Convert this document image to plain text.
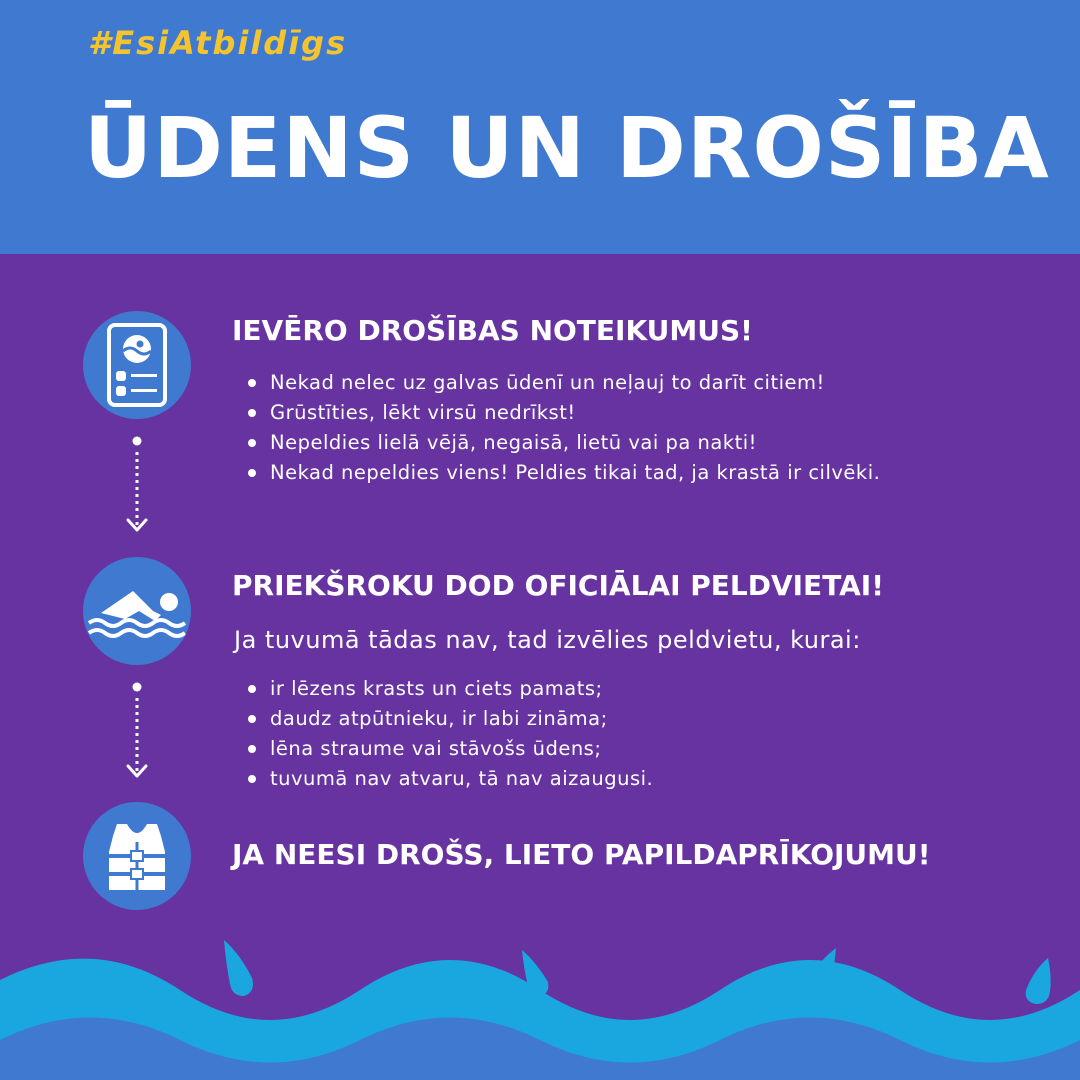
#EsiAtbildīgs

ŪDENS UN DROŠĪBA
IEVĒRO DROŠĪBAS NOTEIKUMUS!
Nekad nelec uz galvas ūdenī un neļauj to darīt citiem!
Grūstīties, lēkt virsū nedrīkst!
Nepeldies lielā vējā, negaisā, lietū vai pa nakti!
Nekad nepeldies viens! Peldies tikai tad, ja krastā ir cilvēki.
PRIEKŠROKU DOD OFICIĀLAI PELDVIETAI!

Ja tuvumā tādas nav, tad izvēlies peldvietu, kurai:

ir lēzens krasts un ciets pamats;
daudz atpūtnieku, ir labi zināma;
lēna straume vai stāvošs ūdens;
tuvumā nav atvaru, tā nav aizaugusi.
JA NEESI DROŠS, LIETO PAPILDAPRĪKOJUMU!
